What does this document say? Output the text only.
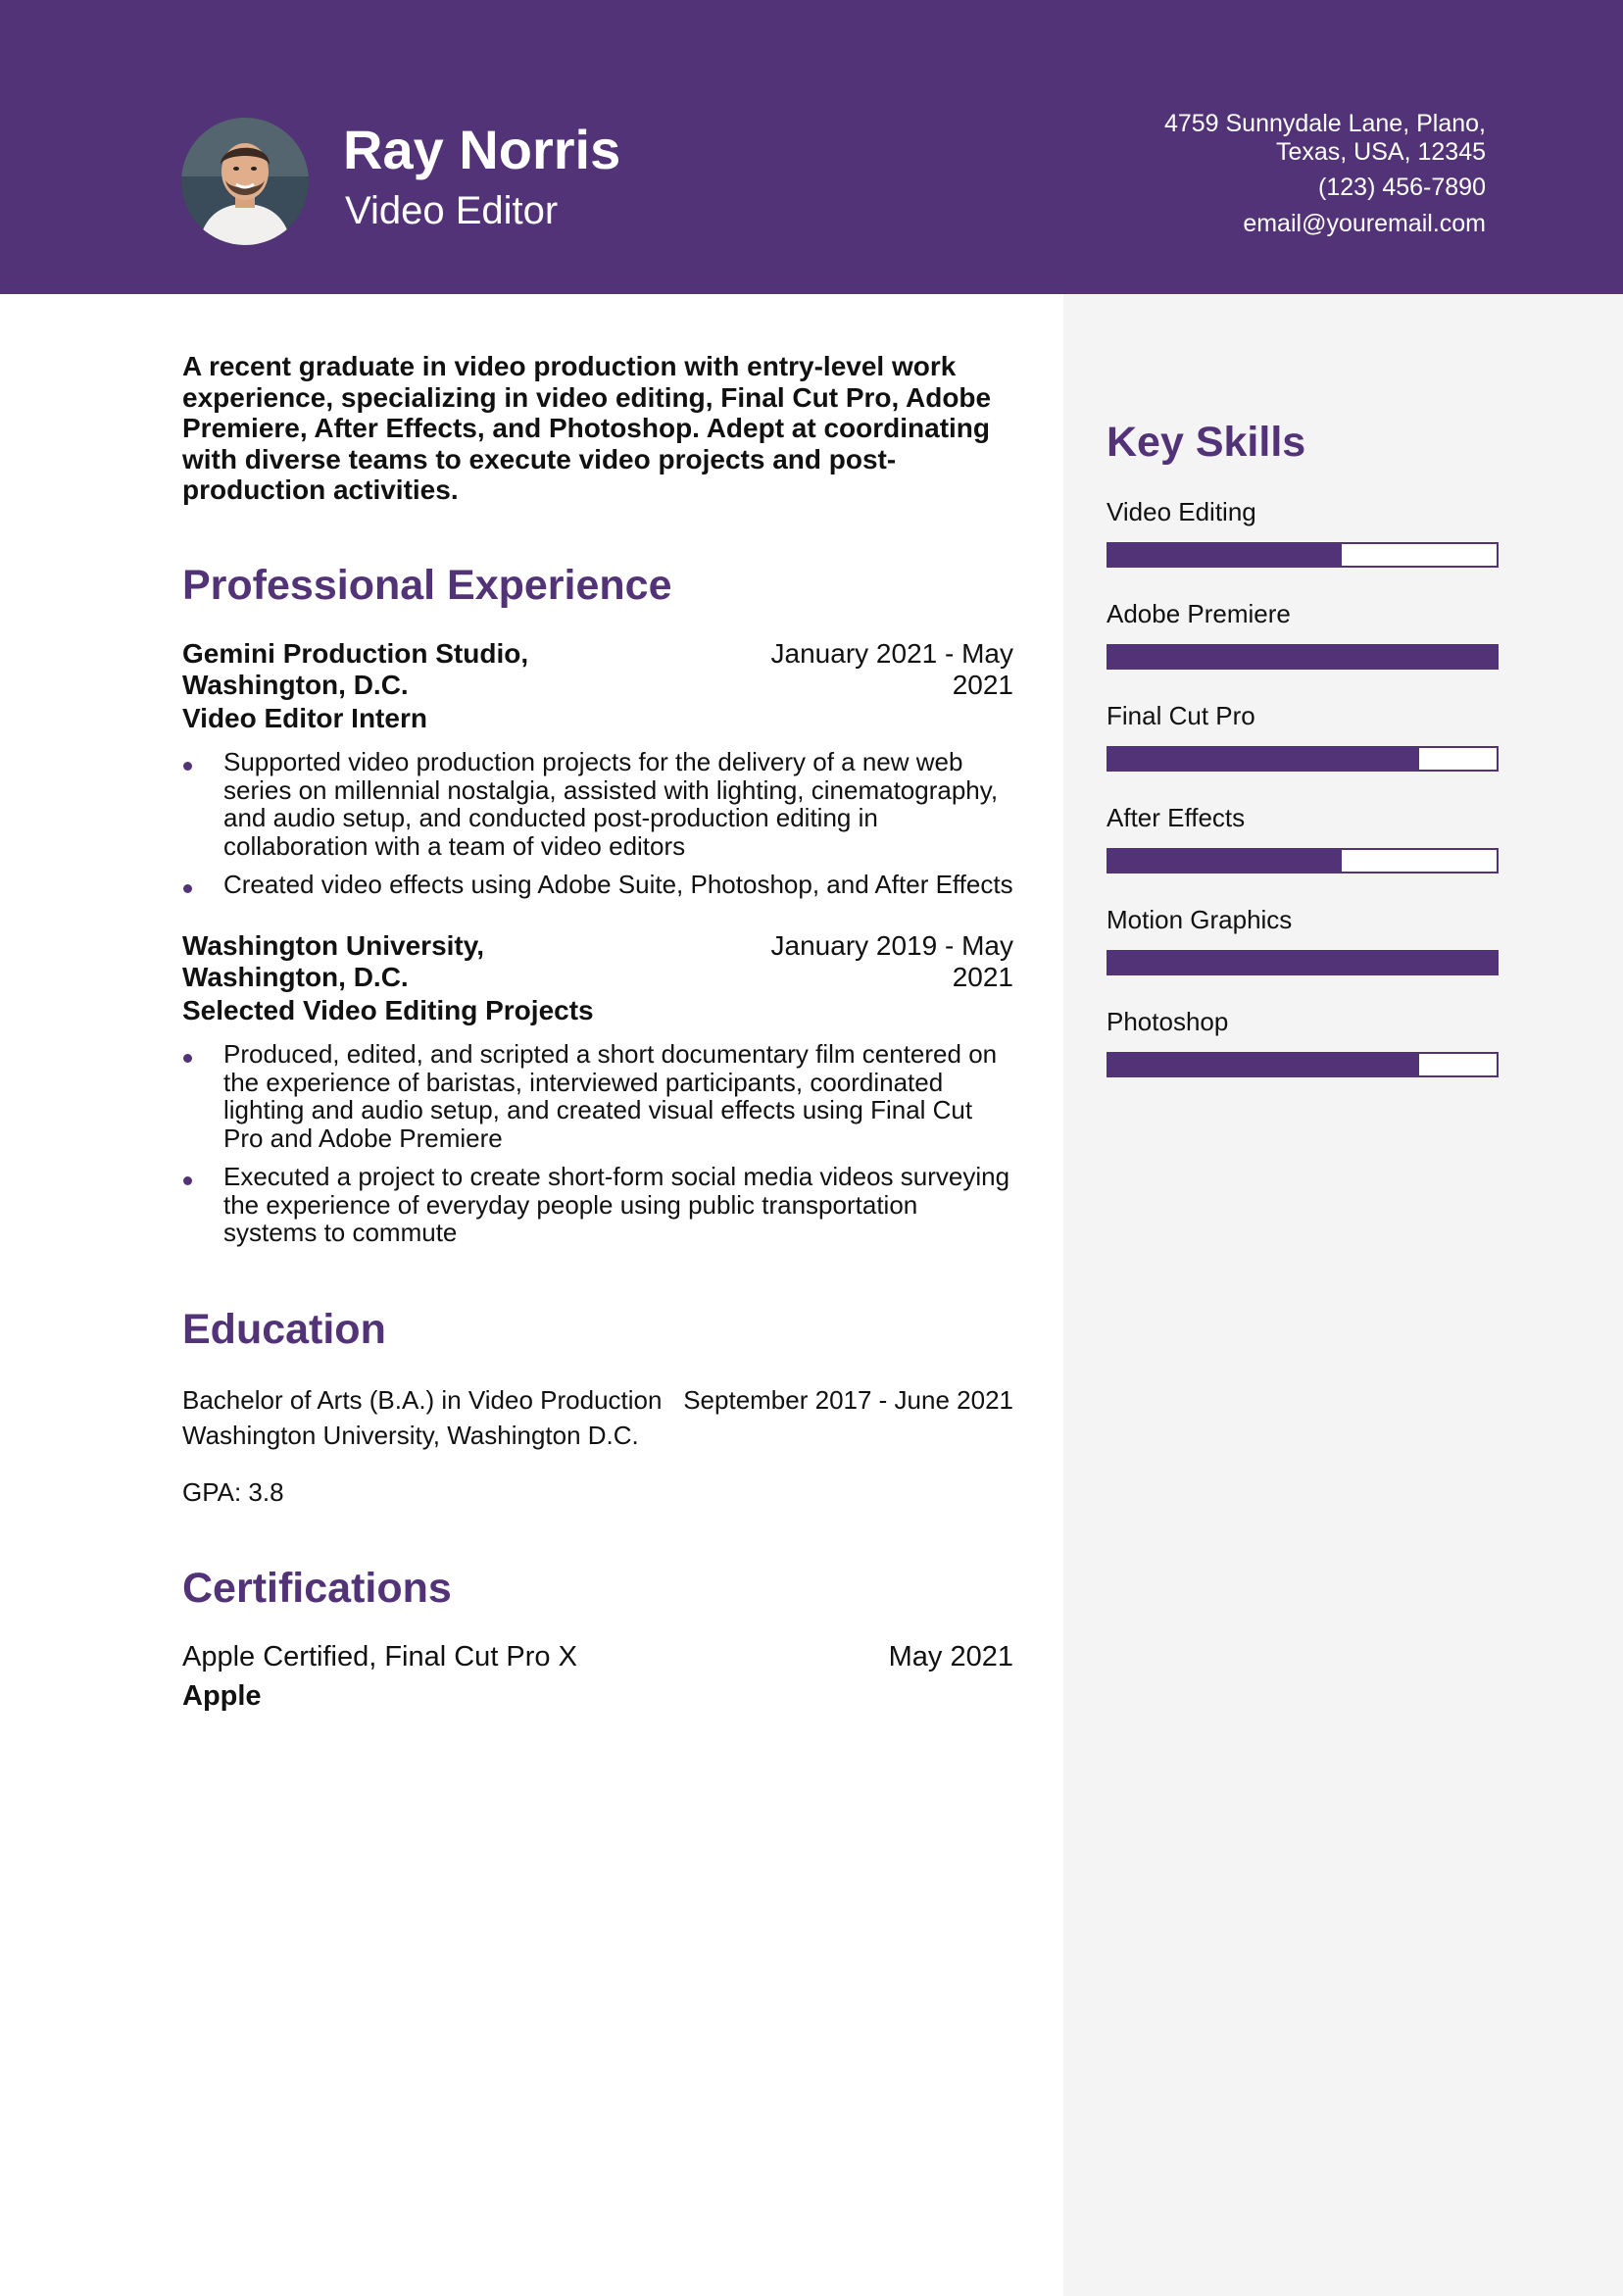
Ray Norris
Video Editor
4759 Sunnydale Lane, Plano,
Texas, USA, 12345
(123) 456-7890
email@youremail.com

A recent graduate in video production with entry-level work experience, specializing in video editing, Final Cut Pro, Adobe Premiere, After Effects, and Photoshop. Adept at coordinating with diverse teams to execute video projects and post-production activities.

Professional Experience
Gemini Production Studio, Washington, D.C.
January 2021 - May 2021
Video Editor Intern
Supported video production projects for the delivery of a new web series on millennial nostalgia, assisted with lighting, cinematography, and audio setup, and conducted post-production editing in collaboration with a team of video editors
Created video effects using Adobe Suite, Photoshop, and After Effects
Washington University, Washington, D.C.
January 2019 - May 2021
Selected Video Editing Projects
Produced, edited, and scripted a short documentary film centered on the experience of baristas, interviewed participants, coordinated lighting and audio setup, and created visual effects using Final Cut Pro and Adobe Premiere
Executed a project to create short-form social media videos surveying the experience of everyday people using public transportation systems to commute
Education
Bachelor of Arts (B.A.) in Video Production September 2017 - June 2021
Washington University, Washington D.C.
GPA: 3.8
Certifications
Apple Certified, Final Cut Pro X	May 2021
Apple
Key Skills
Video Editing
Adobe Premiere
Final Cut Pro
After Effects
Motion Graphics
Photoshop
